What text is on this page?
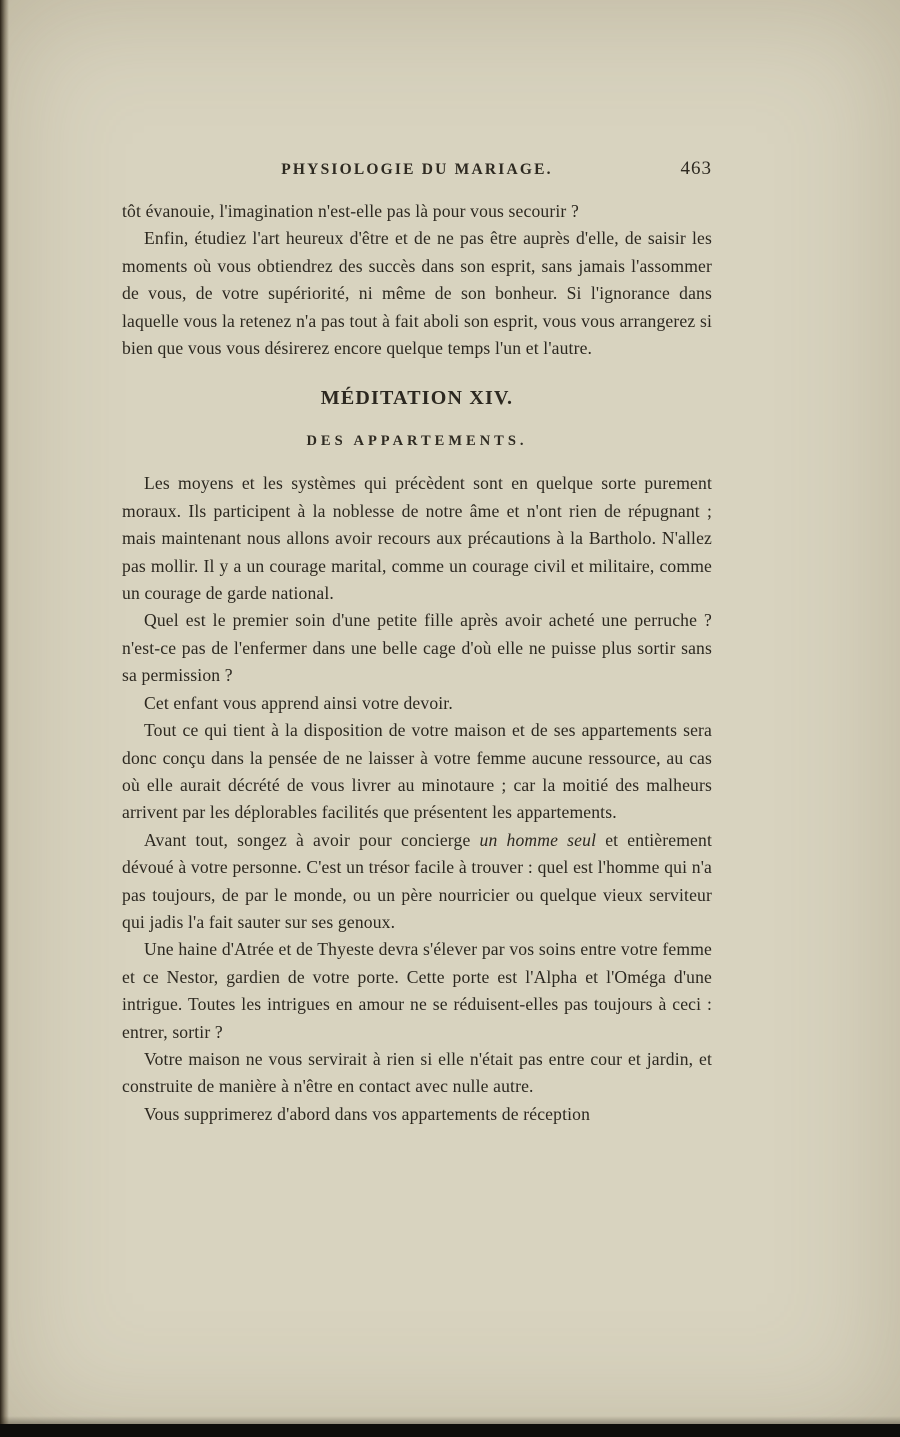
PHYSIOLOGIE DU MARIAGE.	463

tôt évanouie, l'imagination n'est-elle pas là pour vous secourir ?

Enfin, étudiez l'art heureux d'être et de ne pas être auprès d'elle, de saisir les moments où vous obtiendrez des succès dans son esprit, sans jamais l'assommer de vous, de votre supériorité, ni même de son bonheur. Si l'ignorance dans laquelle vous la retenez n'a pas tout à fait aboli son esprit, vous vous arrangerez si bien que vous vous désirerez encore quelque temps l'un et l'autre.

MÉDITATION XIV.
DES APPARTEMENTS.

Les moyens et les systèmes qui précèdent sont en quelque sorte purement moraux. Ils participent à la noblesse de notre âme et n'ont rien de répugnant ; mais maintenant nous allons avoir recours aux précautions à la Bartholo. N'allez pas mollir. Il y a un courage marital, comme un courage civil et militaire, comme un courage de garde national.

Quel est le premier soin d'une petite fille après avoir acheté une perruche ? n'est-ce pas de l'enfermer dans une belle cage d'où elle ne puisse plus sortir sans sa permission ?

Cet enfant vous apprend ainsi votre devoir.

Tout ce qui tient à la disposition de votre maison et de ses appartements sera donc conçu dans la pensée de ne laisser à votre femme aucune ressource, au cas où elle aurait décrété de vous livrer au minotaure ; car la moitié des malheurs arrivent par les déplorables facilités que présentent les appartements.

Avant tout, songez à avoir pour concierge un homme seul et entièrement dévoué à votre personne. C'est un trésor facile à trouver : quel est l'homme qui n'a pas toujours, de par le monde, ou un père nourricier ou quelque vieux serviteur qui jadis l'a fait sauter sur ses genoux.

Une haine d'Atrée et de Thyeste devra s'élever par vos soins entre votre femme et ce Nestor, gardien de votre porte. Cette porte est l'Alpha et l'Oméga d'une intrigue. Toutes les intrigues en amour ne se réduisent-elles pas toujours à ceci : entrer, sortir ?

Votre maison ne vous servirait à rien si elle n'était pas entre cour et jardin, et construite de manière à n'être en contact avec nulle autre.

Vous supprimerez d'abord dans vos appartements de réception
